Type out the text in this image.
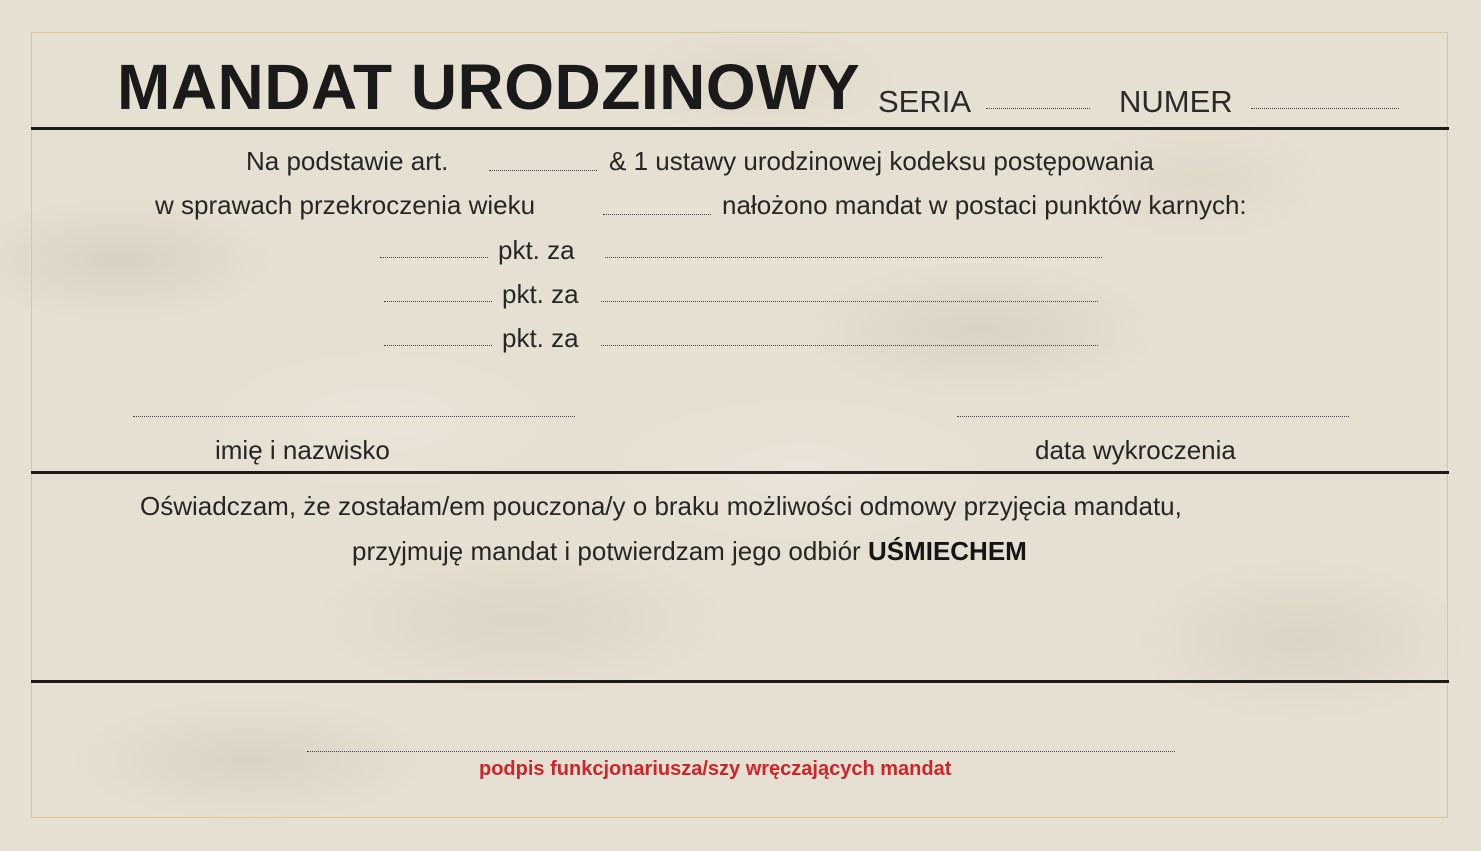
MANDAT URODZINOWY SERIA	NUMER
Na podstawie art.	& 1 ustawy urodzinowej kodeksu postępowania
w sprawach przekroczenia wieku	nałożono mandat w postaci punktów karnych:
pkt. za
pkt. za
pkt. za
imię i nazwisko	data wykroczenia
Oświadczam, że zostałam/em pouczona/y o braku możliwości odmowy przyjęcia mandatu,
przyjmuję mandat i potwierdzam jego odbiór UŚMIECHEM
podpis funkcjonariusza/szy wręczających mandat
